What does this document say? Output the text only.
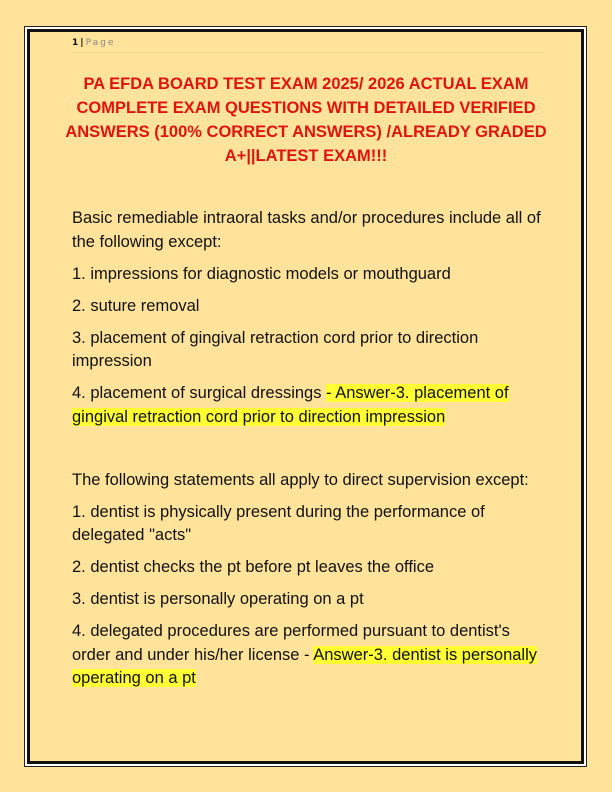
1 | Page
PA EFDA BOARD TEST EXAM 2025/ 2026 ACTUAL EXAM COMPLETE EXAM QUESTIONS WITH DETAILED VERIFIED ANSWERS (100% CORRECT ANSWERS) /ALREADY GRADED A+||LATEST EXAM!!!

Basic remediable intraoral tasks and/or procedures include all of the following except:

1. impressions for diagnostic models or mouthguard

2. suture removal

3. placement of gingival retraction cord prior to direction impression

4. placement of surgical dressings - Answer-3. placement of gingival retraction cord prior to direction impression

The following statements all apply to direct supervision except:

1. dentist is physically present during the performance of delegated "acts"

2. dentist checks the pt before pt leaves the office

3. dentist is personally operating on a pt

4. delegated procedures are performed pursuant to dentist's order and under his/her license - Answer-3. dentist is personally operating on a pt
